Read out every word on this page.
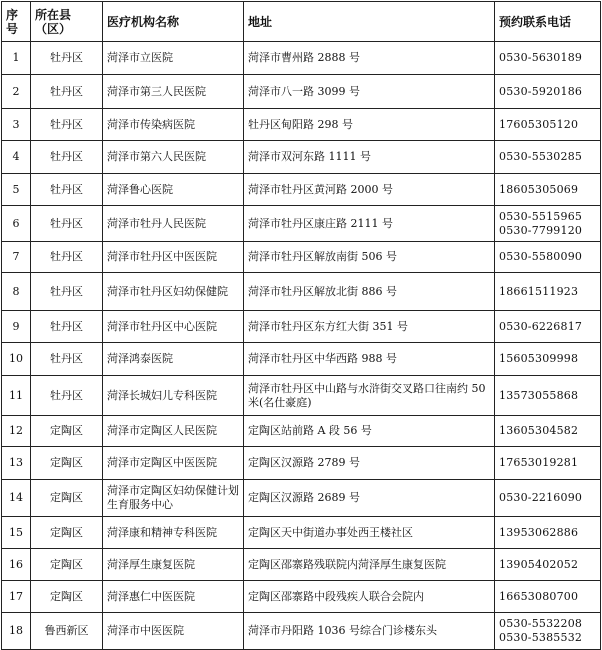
序号	所在县（区）	医疗机构名称	地址	预约联系电话
1	牡丹区	菏泽市立医院	菏泽市曹州路 2888 号	0530-5630189

2	牡丹区	菏泽市第三人民医院	菏泽市八一路 3099 号	0530-5920186

3	牡丹区	菏泽市传染病医院	牡丹区甸阳路 298 号	17605305120

4	牡丹区	菏泽市第六人民医院	菏泽市双河东路 1111 号	0530-5530285

5	牡丹区	菏泽鲁心医院	菏泽市牡丹区黄河路 2000 号	18605305069

6	牡丹区	菏泽市牡丹人民医院	菏泽市牡丹区康庄路 2111 号	0530-5515965
0530-7799120

7	牡丹区	菏泽市牡丹区中医医院	菏泽市牡丹区解放南街 506 号	0530-5580090

8	牡丹区	菏泽市牡丹区妇幼保健院	菏泽市牡丹区解放北街 886 号	18661511923

9	牡丹区	菏泽市牡丹区中心医院	菏泽市牡丹区东方红大街 351 号	0530-6226817

10	牡丹区	菏泽鸿泰医院	菏泽市牡丹区中华西路 988 号	15605309998

11	牡丹区	菏泽长城妇儿专科医院	菏泽市牡丹区中山路与水浒街交叉路口往南约 50 米(名仕豪庭)	13573055868

12	定陶区	菏泽市定陶区人民医院	定陶区站前路 A 段 56 号	13605304582

13	定陶区	菏泽市定陶区中医医院	定陶区汉源路 2789 号	17653019281

14	定陶区	菏泽市定陶区妇幼保健计划生育服务中心	定陶区汉源路 2689 号	0530-2216090

15	定陶区	菏泽康和精神专科医院	定陶区天中街道办事处西王楼社区	13953062886

16	定陶区	菏泽厚生康复医院	定陶区邵寨路残联院内菏泽厚生康复医院	13905402052

17	定陶区	菏泽惠仁中医医院	定陶区邵寨路中段残疾人联合会院内	16653080700

18	鲁西新区	菏泽市中医医院	菏泽市丹阳路 1036 号综合门诊楼东头	0530-5532208
0530-5385532
